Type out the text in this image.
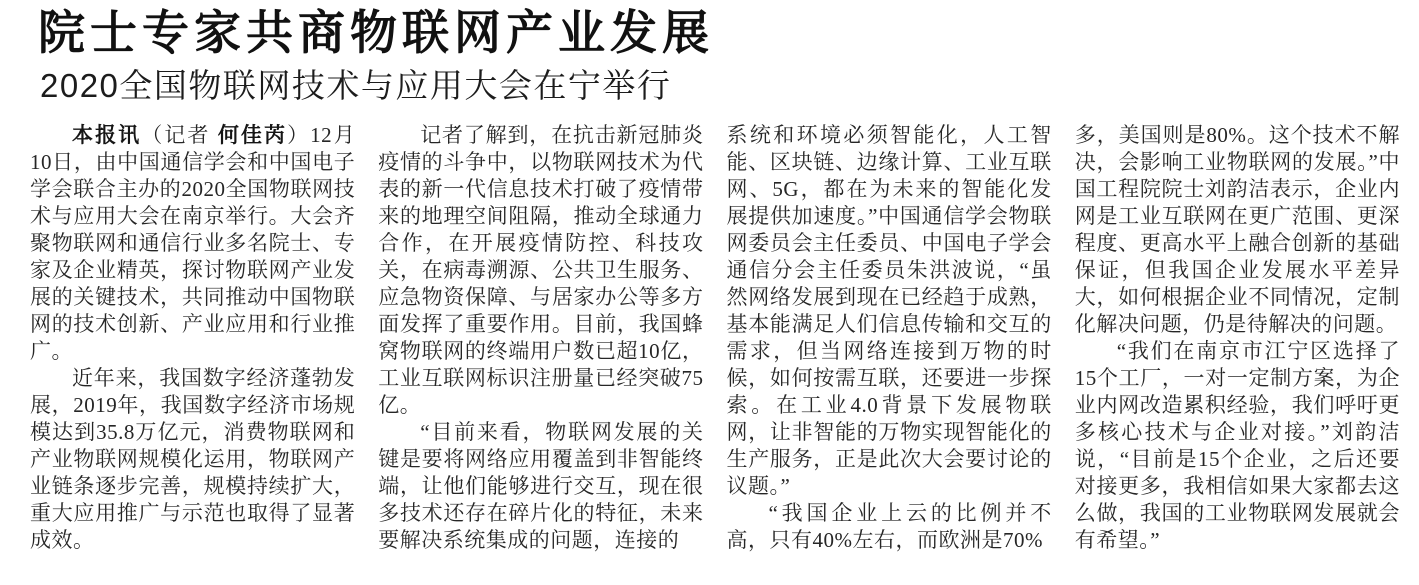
院士专家共商物联网产业发展
2020全国物联网技术与应用大会在宁举行

本报讯（记者 何佳芮）12月10日，由中国通信学会和中国电子学会联合主办的2020全国物联网技术与应用大会在南京举行。大会齐聚物联网和通信行业多名院士、专家及企业精英，探讨物联网产业发展的关键技术，共同推动中国物联网的技术创新、产业应用和行业推广。

近年来，我国数字经济蓬勃发展，2019年，我国数字经济市场规模达到35.8万亿元，消费物联网和产业物联网规模化运用，物联网产业链条逐步完善，规模持续扩大，重大应用推广与示范也取得了显著成效。

记者了解到，在抗击新冠肺炎疫情的斗争中，以物联网技术为代表的新一代信息技术打破了疫情带来的地理空间阻隔，推动全球通力合作，在开展疫情防控、科技攻关，在病毒溯源、公共卫生服务、应急物资保障、与居家办公等多方面发挥了重要作用。目前，我国蜂窝物联网的终端用户数已超10亿，工业互联网标识注册量已经突破75亿。

“目前来看，物联网发展的关键是要将网络应用覆盖到非智能终端，让他们能够进行交互，现在很多技术还存在碎片化的特征，未来要解决系统集成的问题，连接的

系统和环境必须智能化，人工智能、区块链、边缘计算、工业互联网、5G，都在为未来的智能化发展提供加速度。”中国通信学会物联网委员会主任委员、中国电子学会通信分会主任委员朱洪波说，“虽然网络发展到现在已经趋于成熟，基本能满足人们信息传输和交互的需求，但当网络连接到万物的时候，如何按需互联，还要进一步探索。在工业4.0背景下发展物联网，让非智能的万物实现智能化的生产服务，正是此次大会要讨论的议题。”

“我国企业上云的比例并不高，只有40%左右，而欧洲是70%

多，美国则是80%。这个技术不解决，会影响工业物联网的发展。”中国工程院院士刘韵洁表示，企业内网是工业互联网在更广范围、更深程度、更高水平上融合创新的基础保证，但我国企业发展水平差异大，如何根据企业不同情况，定制化解决问题，仍是待解决的问题。

“我们在南京市江宁区选择了15个工厂，一对一定制方案，为企业内网改造累积经验，我们呼吁更多核心技术与企业对接。”刘韵洁说，“目前是15个企业，之后还要对接更多，我相信如果大家都去这么做，我国的工业物联网发展就会有希望。”
